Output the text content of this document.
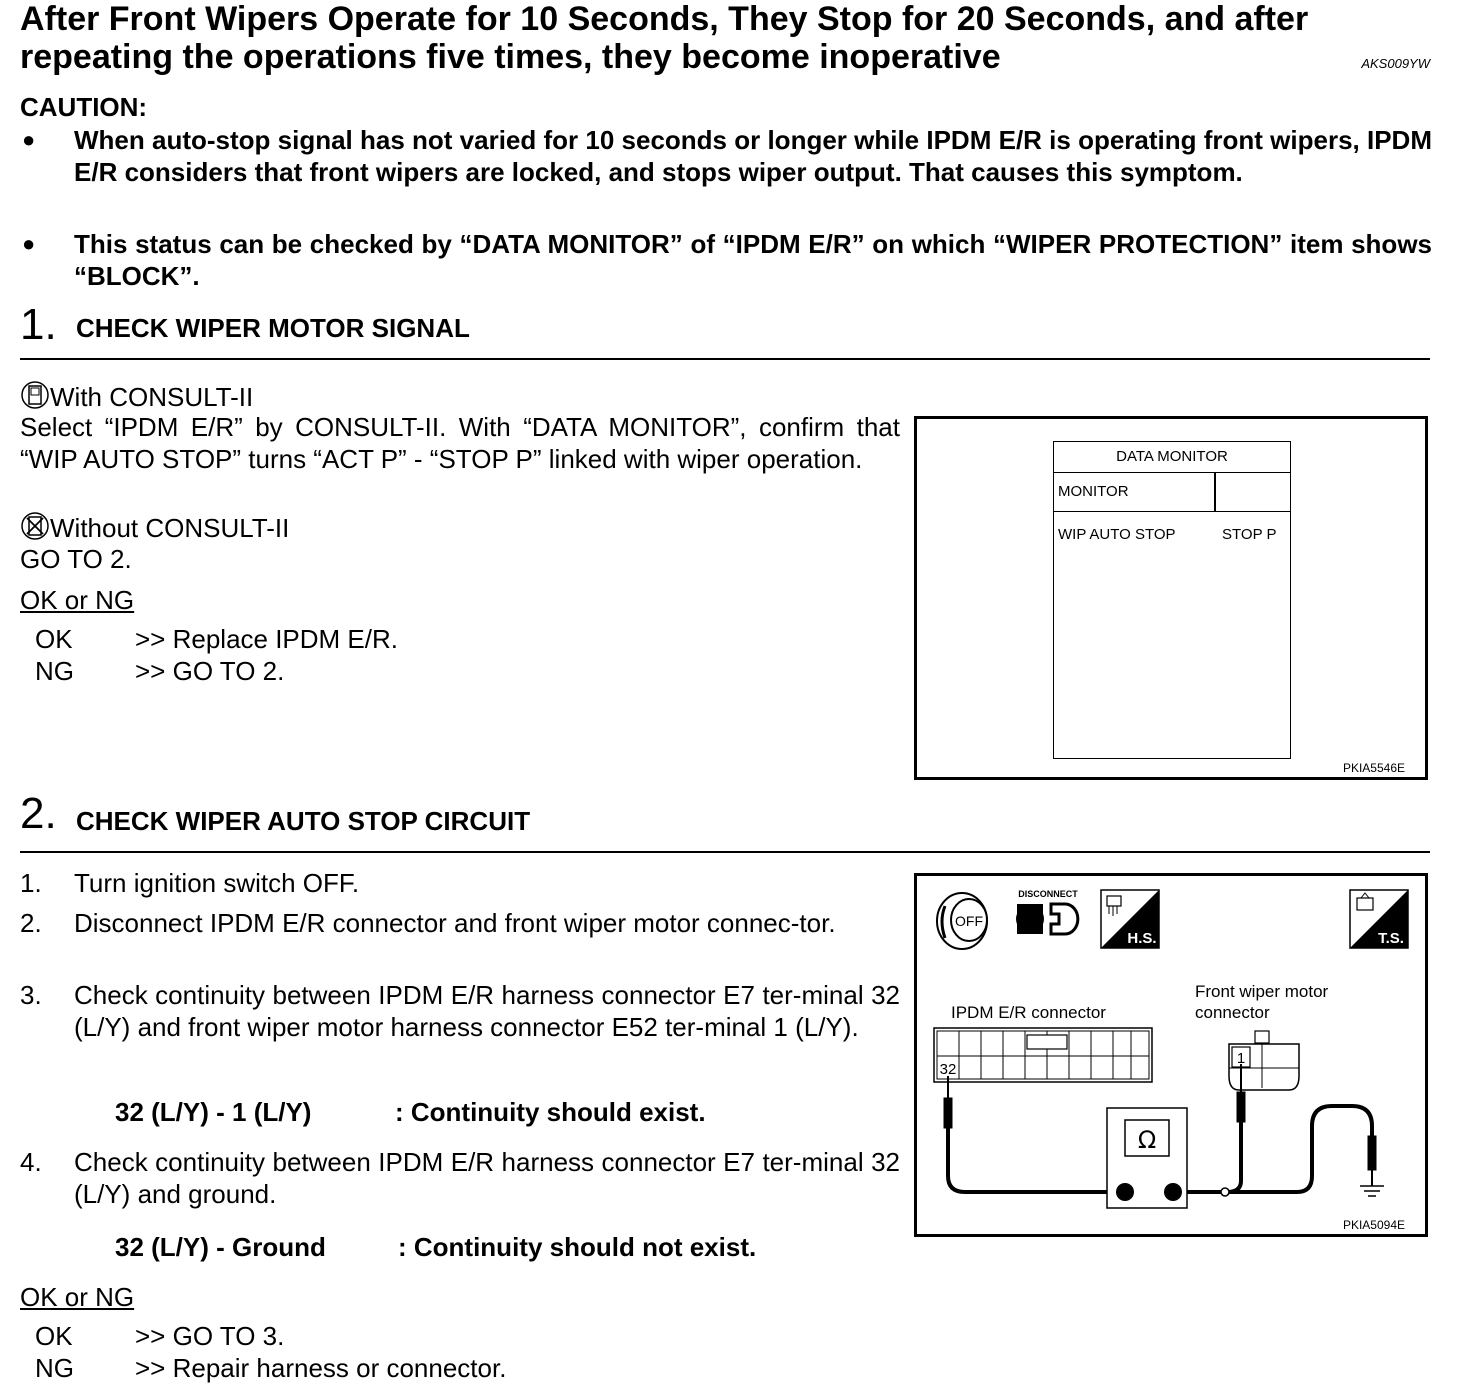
After Front Wipers Operate for 10 Seconds, They Stop for 20 Seconds, and after
repeating the operations five times, they become inoperative	AKS009YW
CAUTION:
● When auto-stop signal has not varied for 10 seconds or longer while IPDM E/R is operating front wipers, IPDM E/R considers that front wipers are locked, and stops wiper output. That causes this symptom.
● This status can be checked by “DATA MONITOR” of “IPDM E/R” on which “WIPER PROTECTION” item shows “BLOCK”.
1. CHECK WIPER MOTOR SIGNAL
With CONSULT-II
Select “IPDM E/R” by CONSULT-II. With “DATA MONITOR”, confirm that “WIP AUTO STOP” turns “ACT P” - “STOP P” linked with wiper operation.
Without CONSULT-II
GO TO 2.
OK or NG
OK >> Replace IPDM E/R.
NG >> GO TO 2.
DATA MONITOR
MONITOR
WIP AUTO STOP	STOP P
PKIA5546E
2. CHECK WIPER AUTO STOP CIRCUIT
1. Turn ignition switch OFF.
2. Disconnect IPDM E/R connector and front wiper motor connec-tor.
3. Check continuity between IPDM E/R harness connector E7 ter-minal 32 (L/Y) and front wiper motor harness connector E52 ter-minal 1 (L/Y).
32 (L/Y) - 1 (L/Y)	: Continuity should exist.
4. Check continuity between IPDM E/R harness connector E7 ter-minal 32 (L/Y) and ground.
32 (L/Y) - Ground	: Continuity should not exist.
OK or NG
OK >> GO TO 3.
NG >> Repair harness or connector.
OFF
DISCONNECT
H.S.	T.S.
IPDM E/R connector
Front wiper motor
connector
32
1
Ω
PKIA5094E
